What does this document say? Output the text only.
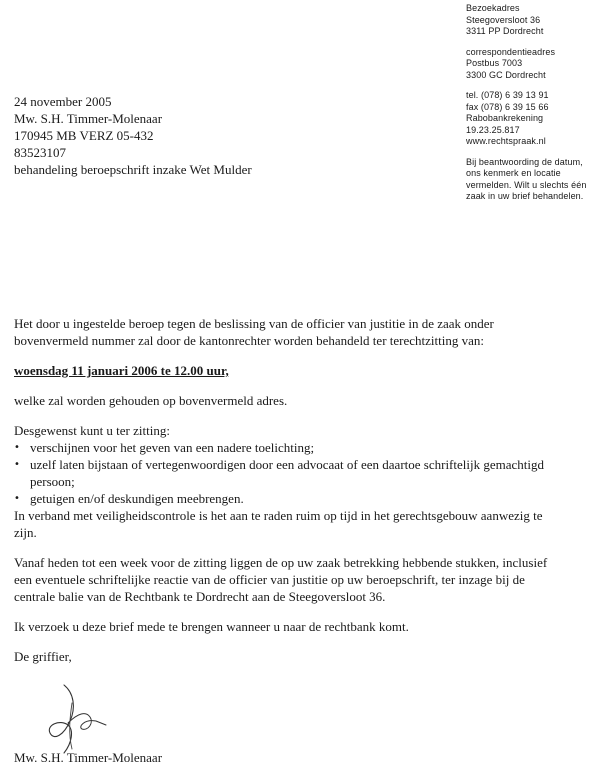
Bezoekadres
Steegoversloot 36
3311 PP Dordrecht
correspondentieadres
Postbus 7003
3300 GC Dordrecht
tel. (078) 6 39 13 91
fax (078) 6 39 15 66
Rabobankrekening
19.23.25.817
www.rechtspraak.nl
Bij beantwoording de datum,
ons kenmerk en locatie
vermelden. Wilt u slechts één
zaak in uw brief behandelen.
24 november 2005
Mw. S.H. Timmer-Molenaar
170945 MB VERZ 05-432
83523107
behandeling beroepschrift inzake Wet Mulder

Het door u ingestelde beroep tegen de beslissing van de officier van justitie in de zaak onder
bovenvermeld nummer zal door de kantonrechter worden behandeld ter terechtzitting van:

woensdag 11 januari 2006 te 12.00 uur,

welke zal worden gehouden op bovenvermeld adres.

Desgewenst kunt u ter zitting:

• verschijnen voor het geven van een nadere toelichting;
• uzelf laten bijstaan of vertegenwoordigen door een advocaat of een daartoe schriftelijk gemachtigd
persoon;
• getuigen en/of deskundigen meebrengen.

In verband met veiligheidscontrole is het aan te raden ruim op tijd in het gerechtsgebouw aanwezig te
zijn.

Vanaf heden tot een week voor de zitting liggen de op uw zaak betrekking hebbende stukken, inclusief
een eventuele schriftelijke reactie van de officier van justitie op uw beroepschrift, ter inzage bij de
centrale balie van de Rechtbank te Dordrecht aan de Steegoversloot 36.

Ik verzoek u deze brief mede te brengen wanneer u naar de rechtbank komt.

De griffier,

Mw. S.H. Timmer-Molenaar
